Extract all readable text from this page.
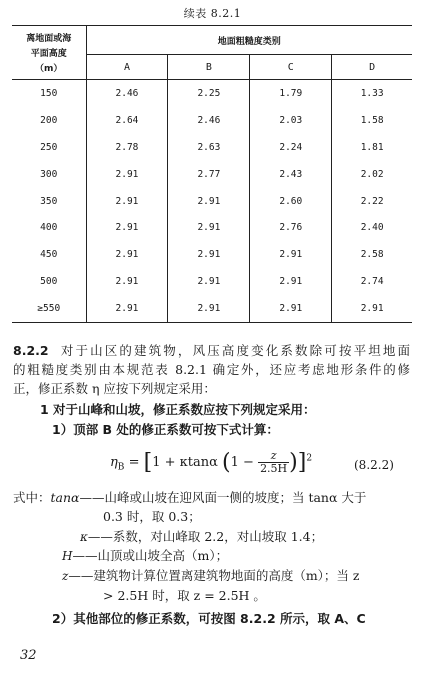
续表 8.2.1
离地面或海
平面高度
（m）	地面粗糙度类别			
	A	B	C	D
150	2.46	2.25	1.79	1.33
200	2.64	2.46	2.03	1.58
250	2.78	2.63	2.24	1.81
300	2.91	2.77	2.43	2.02
350	2.91	2.91	2.60	2.22
400	2.91	2.91	2.76	2.40
450	2.91	2.91	2.91	2.58
500	2.91	2.91	2.91	2.74
≥550	2.91	2.91	2.91	2.91
8.2.2 对于山区的建筑物，风压高度变化系数除可按平坦地面
的粗糙度类别由本规范表 8.2.1 确定外，还应考虑地形条件的修
正，修正系数 η 应按下列规定采用：
1 对于山峰和山坡，修正系数应按下列规定采用：
1）顶部 B 处的修正系数可按下式计算：
$\eta_B = [1 + \kappa\tan\alpha$ $(1 - \frac{z}{2.5H} )]^2$	(8.2.2)
式中：tanα——山峰或山坡在迎风面一侧的坡度；当 tanα 大于
0.3 时，取 0.3；
κ——系数，对山峰取 2.2，对山坡取 1.4；
H——山顶或山坡全高（m）；
z——建筑物计算位置离建筑物地面的高度（m）；当 z
> 2.5H 时，取 z = 2.5H 。
2）其他部位的修正系数，可按图 8.2.2 所示，取 A、C
32
